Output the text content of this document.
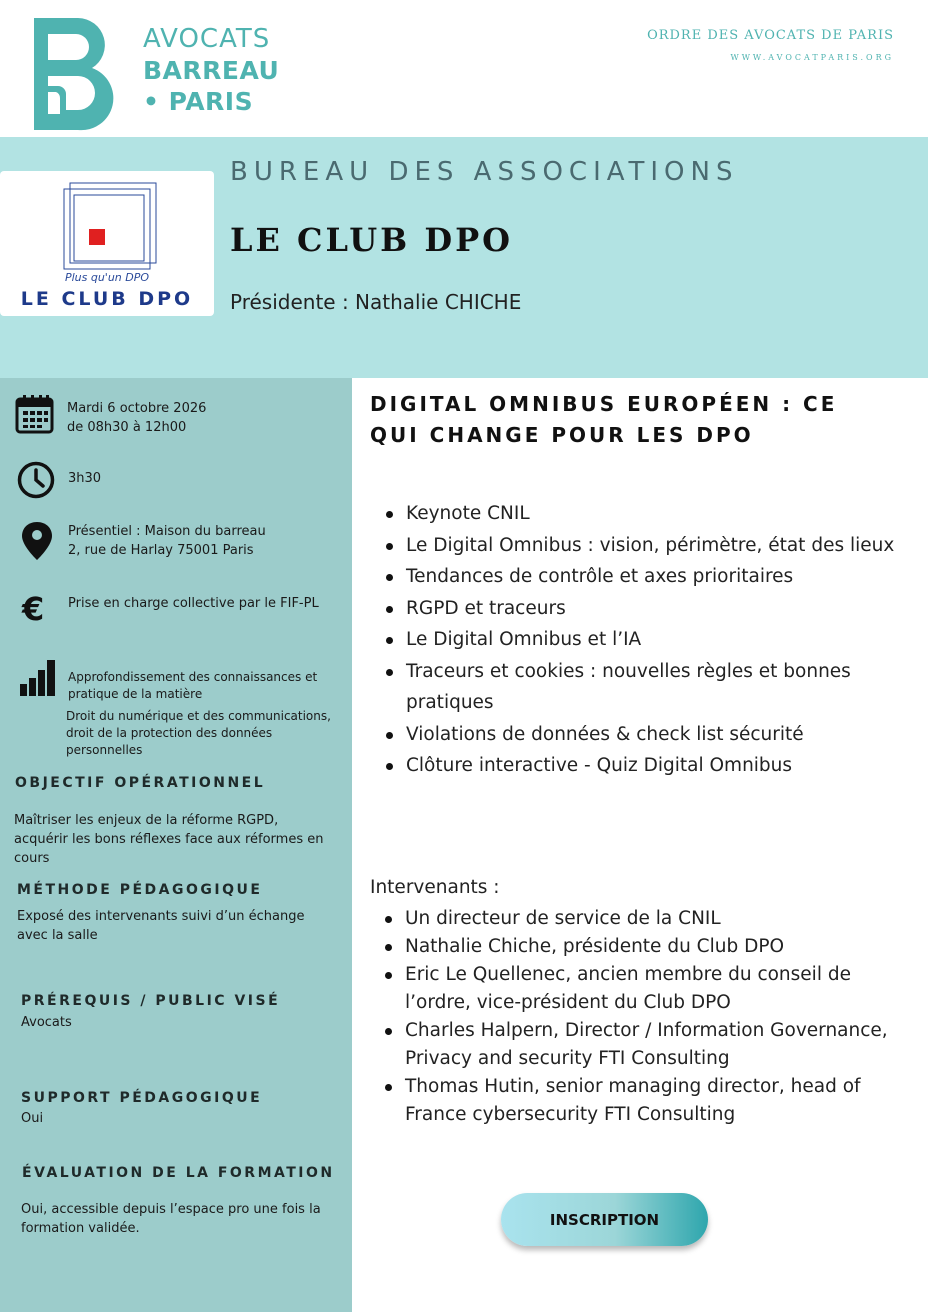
AVOCATS
BARREAU
• PARIS
ORDRE DES AVOCATS DE PARIS
WWW.AVOCATPARIS.ORG
Plus qu'un DPO
LE CLUB DPO
BUREAU DES ASSOCIATIONS
LE CLUB DPO
Présidente : Nathalie CHICHE
Mardi 6 octobre 2026
de 08h30 à 12h00
3h30
Présentiel : Maison du barreau
2, rue de Harlay 75001 Paris
€ Prise en charge collective par le FIF-PL
Approfondissement des connaissances et
pratique de la matière
Droit du numérique et des communications,
droit de la protection des données personnelles
OBJECTIF OPÉRATIONNEL
Maîtriser les enjeux de la réforme RGPD,
acquérir les bons réflexes face aux réformes en
cours
MÉTHODE PÉDAGOGIQUE
Exposé des intervenants suivi d’un échange
avec la salle
PRÉREQUIS / PUBLIC VISÉ
Avocats
SUPPORT PÉDAGOGIQUE
Oui
ÉVALUATION DE LA FORMATION
Oui, accessible depuis l’espace pro une fois la
formation validée.
DIGITAL OMNIBUS EUROPÉEN : CE
QUI CHANGE POUR LES DPO
Keynote CNIL
Le Digital Omnibus : vision, périmètre, état des lieux
Tendances de contrôle et axes prioritaires
RGPD et traceurs
Le Digital Omnibus et l’IA
Traceurs et cookies : nouvelles règles et bonnes pratiques
Violations de données & check list sécurité
Clôture interactive - Quiz Digital Omnibus
Intervenants :
Un directeur de service de la CNIL
Nathalie Chiche, présidente du Club DPO
Eric Le Quellenec, ancien membre du conseil de l’ordre, vice-président du Club DPO
Charles Halpern, Director / Information Governance, Privacy and security FTI Consulting
Thomas Hutin, senior managing director, head of France cybersecurity FTI Consulting
INSCRIPTION
